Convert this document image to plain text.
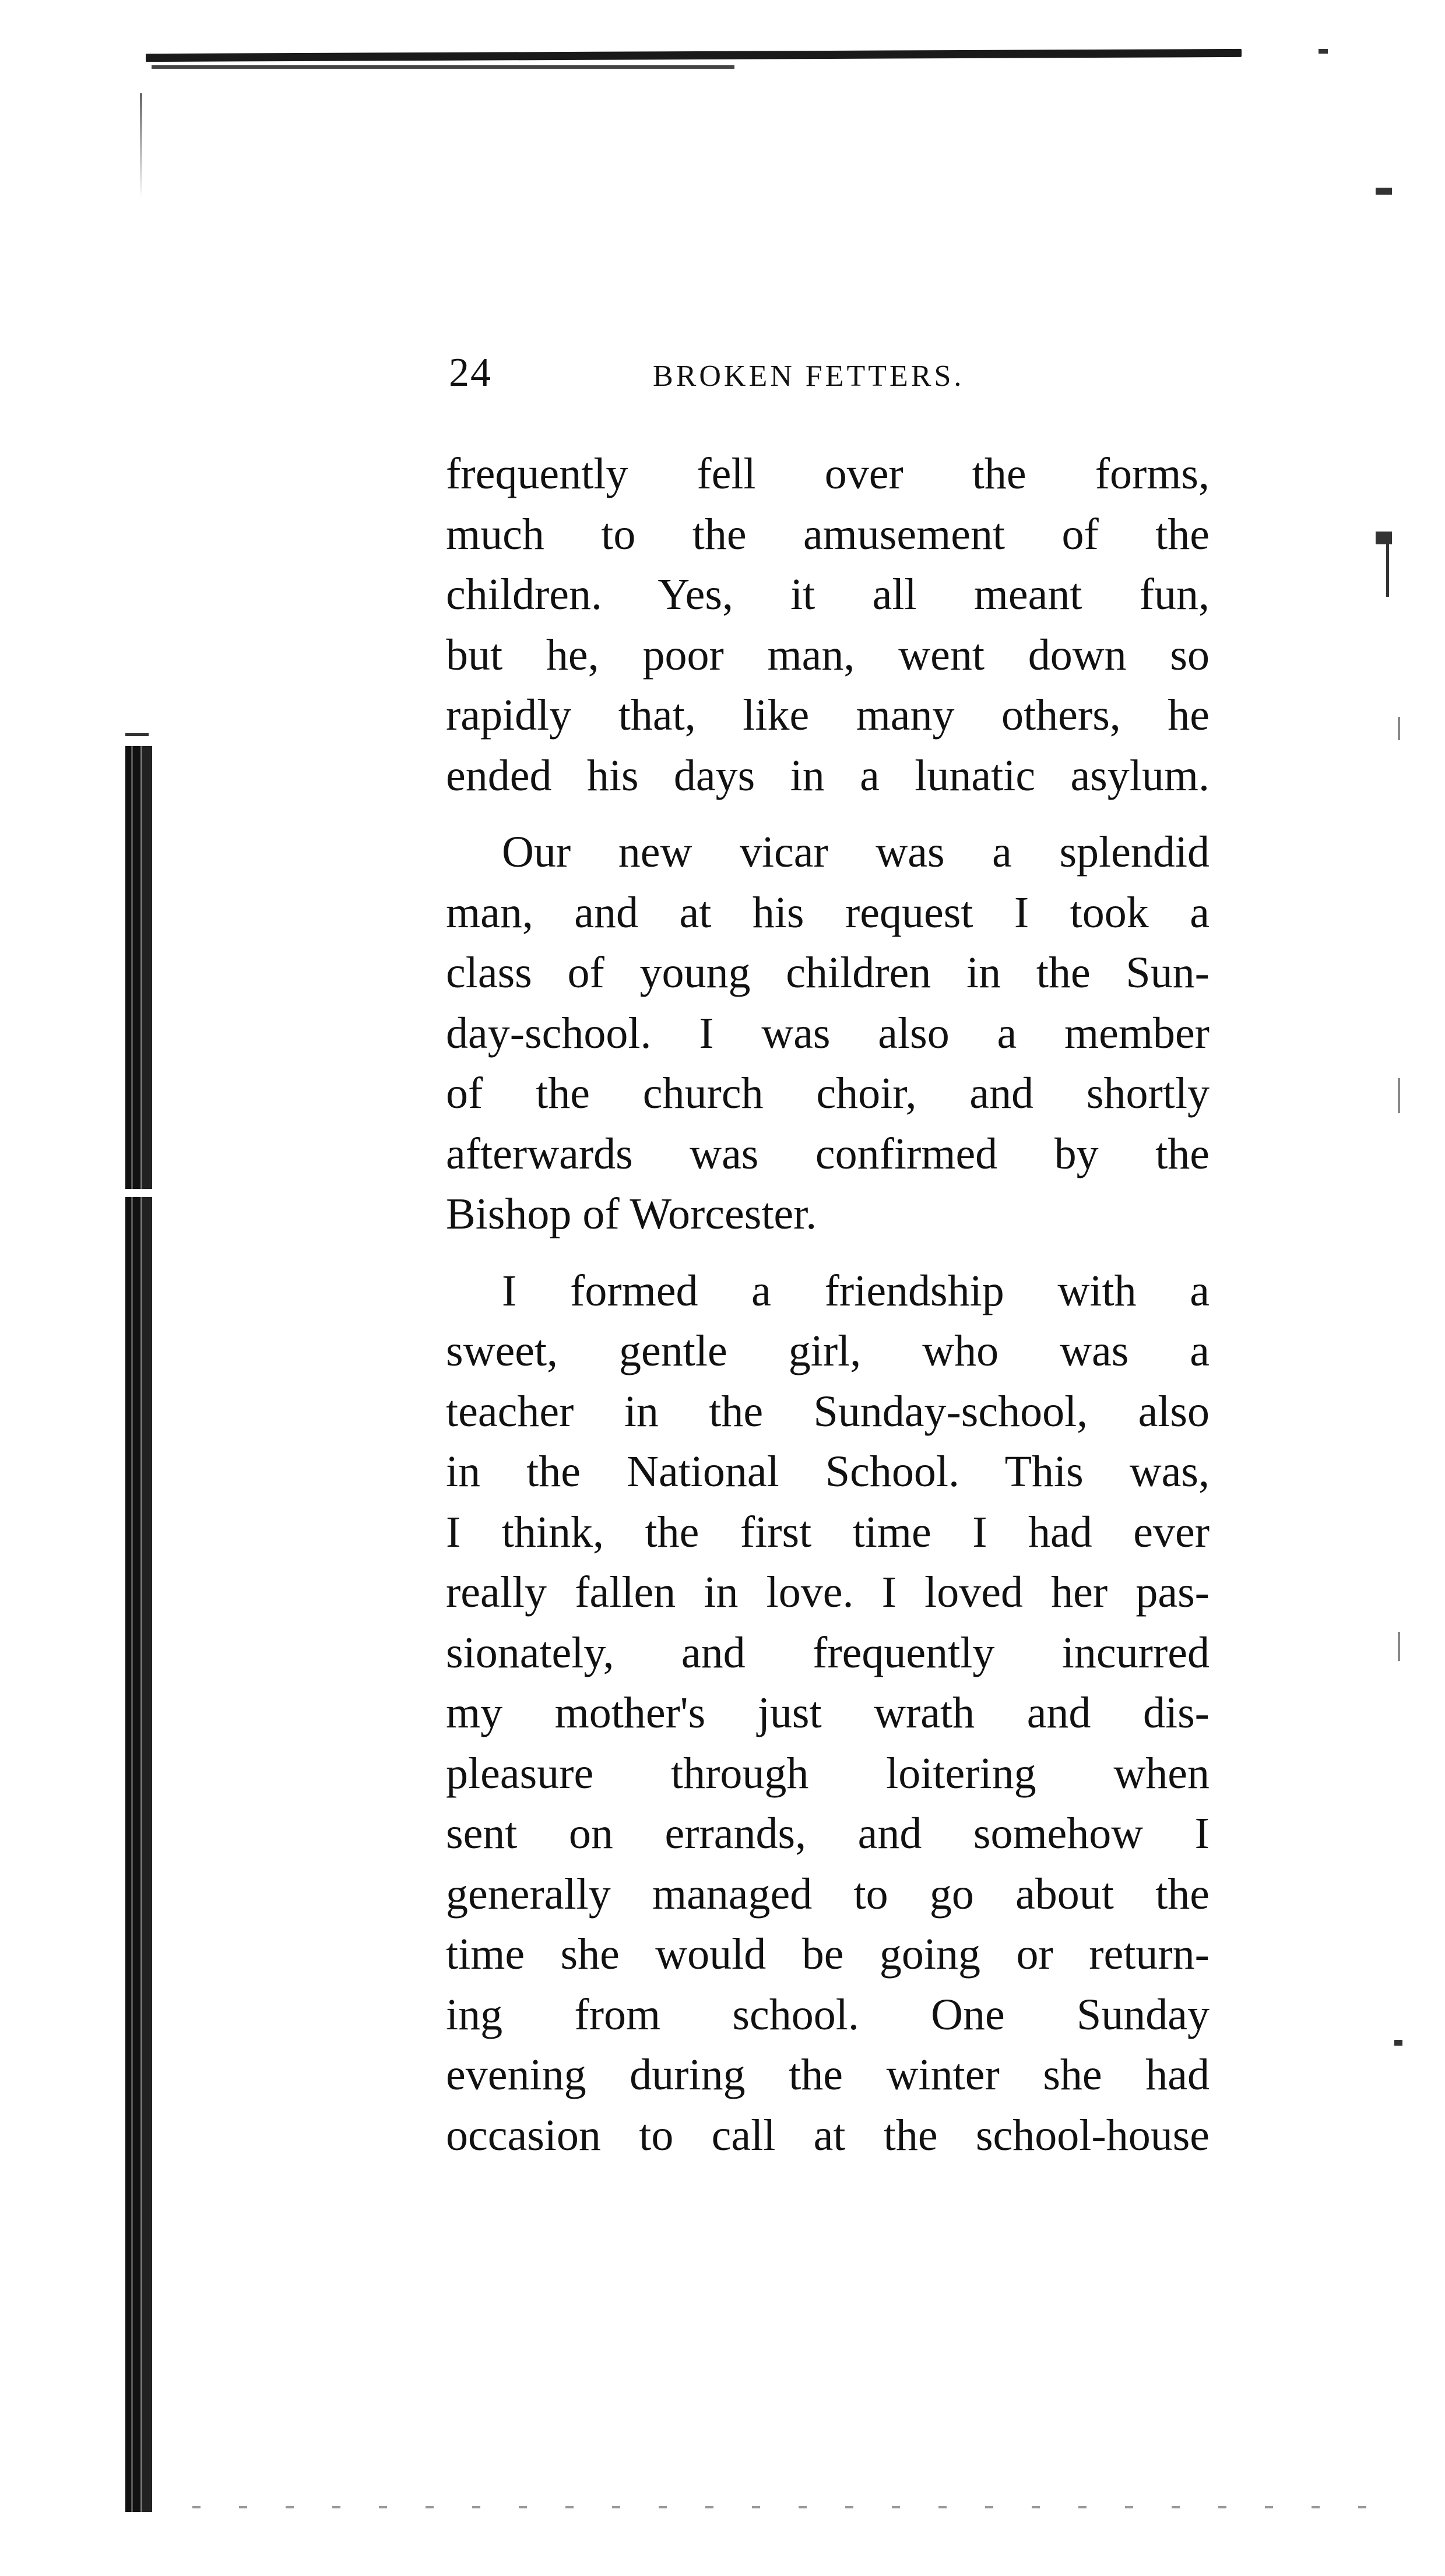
24	BROKEN FETTERS.

frequently fell over the forms,
much to the amusement of the
children. Yes, it all meant fun,
but he, poor man, went down so
rapidly that, like many others, he
ended his days in a lunatic asylum.

Our new vicar was a splendid
man, and at his request I took a
class of young children in the Sun-
day-school. I was also a member
of the church choir, and shortly
afterwards was confirmed by the
Bishop of Worcester.

I formed a friendship with a
sweet, gentle girl, who was a
teacher in the Sunday-school, also
in the National School. This was,
I think, the first time I had ever
really fallen in love. I loved her pas-
sionately, and frequently incurred
my mother's just wrath and dis-
pleasure through loitering when
sent on errands, and somehow I
generally managed to go about the
time she would be going or return-
ing from school. One Sunday
evening during the winter she had
occasion to call at the school-house
